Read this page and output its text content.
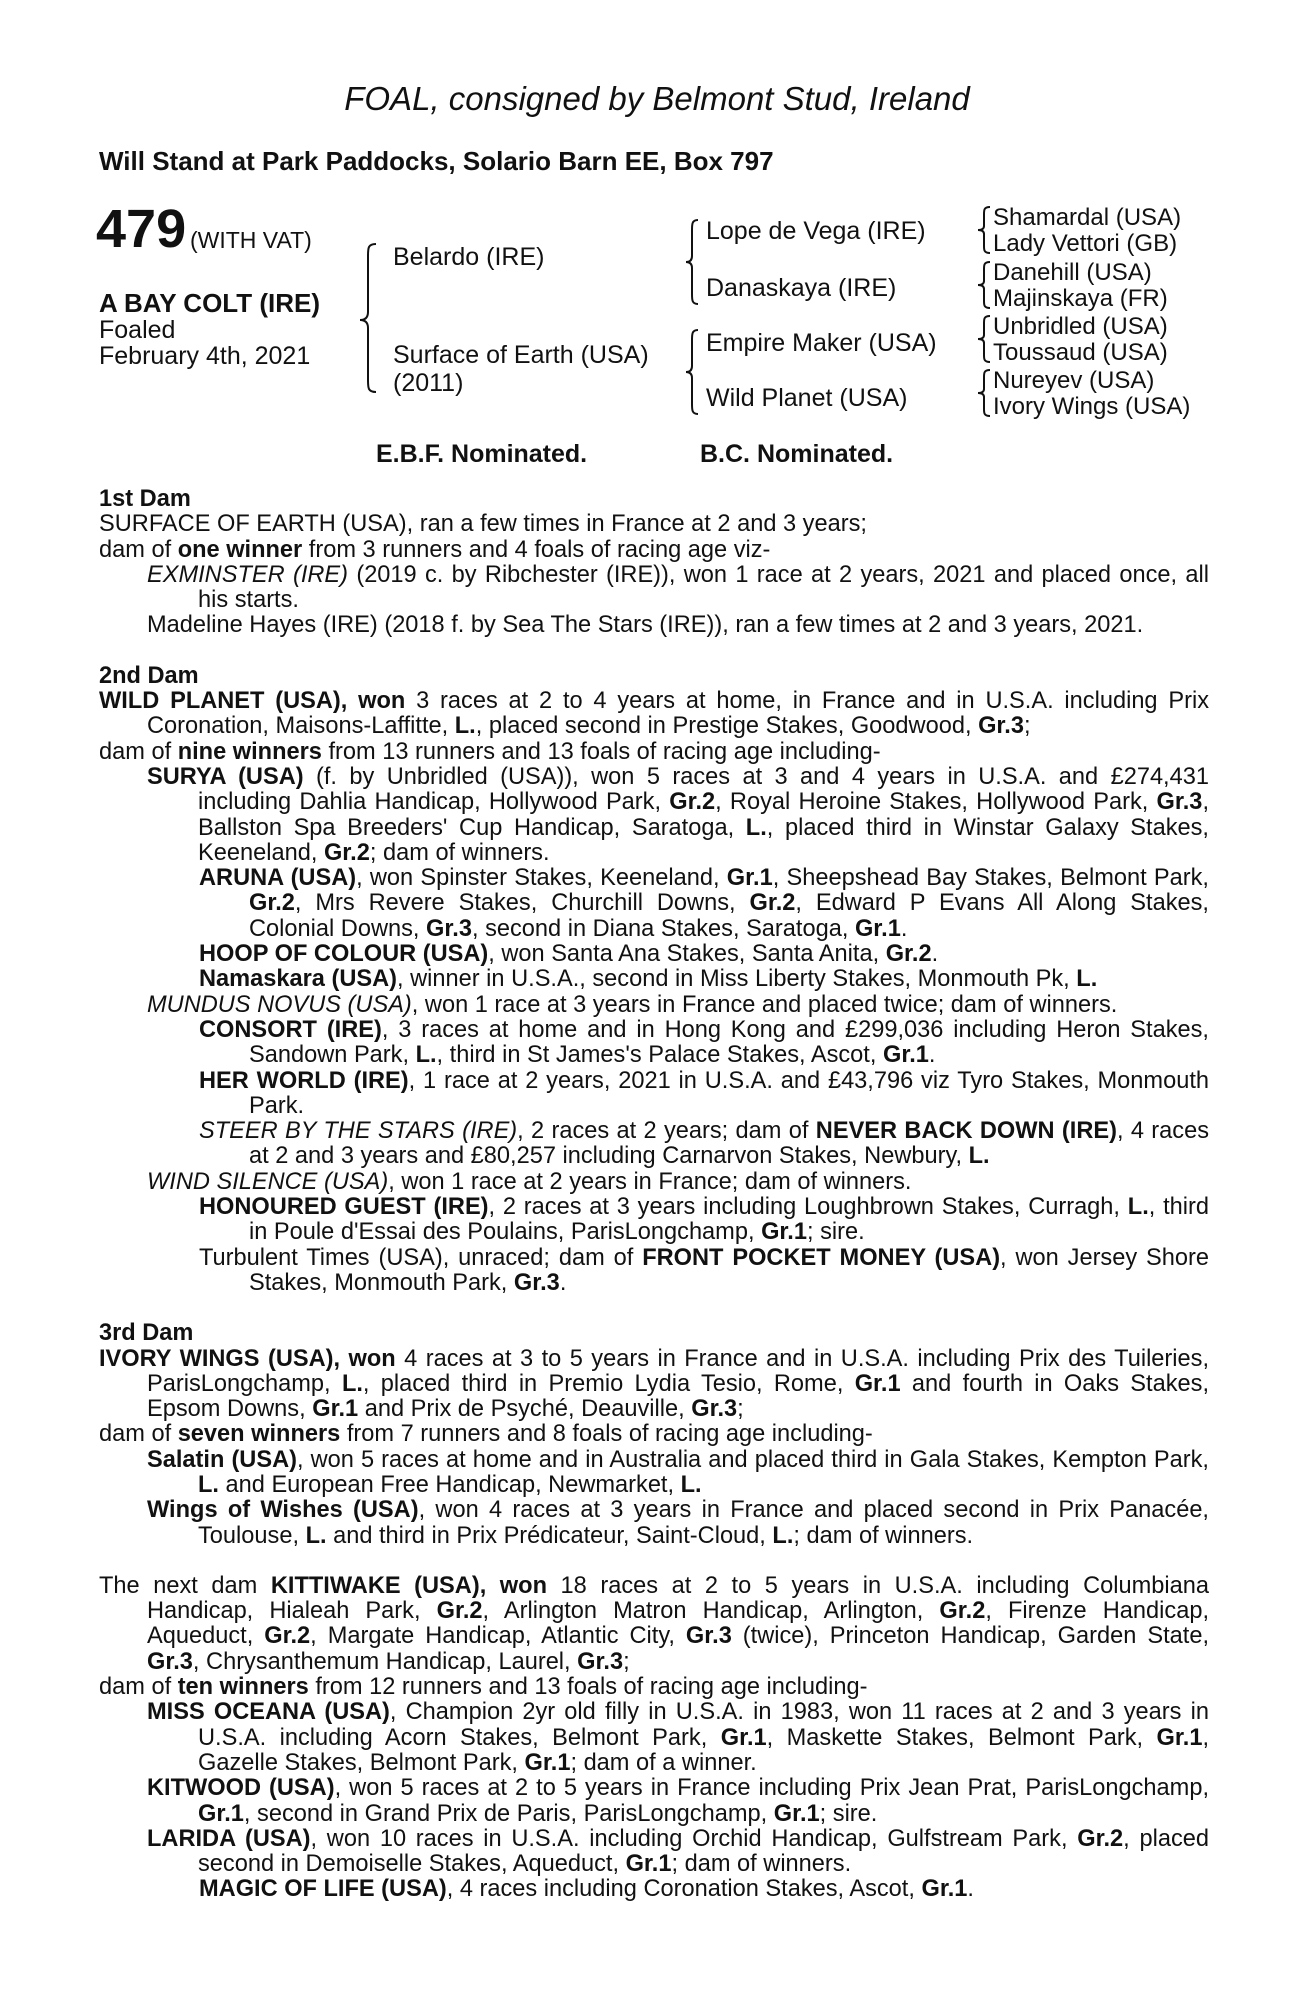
FOAL, consigned by Belmont Stud, Ireland
Will Stand at Park Paddocks, Solario Barn EE, Box 797
479 (WITH VAT)
A BAY COLT (IRE)
Foaled
February 4th, 2021
Belardo (IRE)
Surface of Earth (USA)
(2011)
Lope de Vega (IRE)
Danaskaya (IRE)
Empire Maker (USA)
Wild Planet (USA)
Shamardal (USA)
Lady Vettori (GB)
Danehill (USA)
Majinskaya (FR)
Unbridled (USA)
Toussaud (USA)
Nureyev (USA)
Ivory Wings (USA)
E.B.F. Nominated.	B.C. Nominated.

1st Dam

SURFACE OF EARTH (USA), ran a few times in France at 2 and 3 years;

dam of one winner from 3 runners and 4 foals of racing age viz-

EXMINSTER (IRE) (2019 c. by Ribchester (IRE)), won 1 race at 2 years, 2021 and placed once, all his starts.

Madeline Hayes (IRE) (2018 f. by Sea The Stars (IRE)), ran a few times at 2 and 3 years, 2021.

2nd Dam

WILD PLANET (USA), won 3 races at 2 to 4 years at home, in France and in U.S.A. including Prix Coronation, Maisons-Laffitte, L., placed second in Prestige Stakes, Goodwood, Gr.3;

dam of nine winners from 13 runners and 13 foals of racing age including-

SURYA (USA) (f. by Unbridled (USA)), won 5 races at 3 and 4 years in U.S.A. and £274,431 including Dahlia Handicap, Hollywood Park, Gr.2, Royal Heroine Stakes, Hollywood Park, Gr.3, Ballston Spa Breeders' Cup Handicap, Saratoga, L., placed third in Winstar Galaxy Stakes, Keeneland, Gr.2; dam of winners.

ARUNA (USA), won Spinster Stakes, Keeneland, Gr.1, Sheepshead Bay Stakes, Belmont Park, Gr.2, Mrs Revere Stakes, Churchill Downs, Gr.2, Edward P Evans All Along Stakes, Colonial Downs, Gr.3, second in Diana Stakes, Saratoga, Gr.1.

HOOP OF COLOUR (USA), won Santa Ana Stakes, Santa Anita, Gr.2.

Namaskara (USA), winner in U.S.A., second in Miss Liberty Stakes, Monmouth Pk, L.

MUNDUS NOVUS (USA), won 1 race at 3 years in France and placed twice; dam of winners.

CONSORT (IRE), 3 races at home and in Hong Kong and £299,036 including Heron Stakes, Sandown Park, L., third in St James's Palace Stakes, Ascot, Gr.1.

HER WORLD (IRE), 1 race at 2 years, 2021 in U.S.A. and £43,796 viz Tyro Stakes, Monmouth Park.

STEER BY THE STARS (IRE), 2 races at 2 years; dam of NEVER BACK DOWN (IRE), 4 races at 2 and 3 years and £80,257 including Carnarvon Stakes, Newbury, L.

WIND SILENCE (USA), won 1 race at 2 years in France; dam of winners.

HONOURED GUEST (IRE), 2 races at 3 years including Loughbrown Stakes, Curragh, L., third in Poule d'Essai des Poulains, ParisLongchamp, Gr.1; sire.

Turbulent Times (USA), unraced; dam of FRONT POCKET MONEY (USA), won Jersey Shore Stakes, Monmouth Park, Gr.3.

3rd Dam

IVORY WINGS (USA), won 4 races at 3 to 5 years in France and in U.S.A. including Prix des Tuileries, ParisLongchamp, L., placed third in Premio Lydia Tesio, Rome, Gr.1 and fourth in Oaks Stakes, Epsom Downs, Gr.1 and Prix de Psyché, Deauville, Gr.3;

dam of seven winners from 7 runners and 8 foals of racing age including-

Salatin (USA), won 5 races at home and in Australia and placed third in Gala Stakes, Kempton Park, L. and European Free Handicap, Newmarket, L.

Wings of Wishes (USA), won 4 races at 3 years in France and placed second in Prix Panacée, Toulouse, L. and third in Prix Prédicateur, Saint-Cloud, L.; dam of winners.

The next dam KITTIWAKE (USA), won 18 races at 2 to 5 years in U.S.A. including Columbiana Handicap, Hialeah Park, Gr.2, Arlington Matron Handicap, Arlington, Gr.2, Firenze Handicap, Aqueduct, Gr.2, Margate Handicap, Atlantic City, Gr.3 (twice), Princeton Handicap, Garden State, Gr.3, Chrysanthemum Handicap, Laurel, Gr.3;

dam of ten winners from 12 runners and 13 foals of racing age including-

MISS OCEANA (USA), Champion 2yr old filly in U.S.A. in 1983, won 11 races at 2 and 3 years in U.S.A. including Acorn Stakes, Belmont Park, Gr.1, Maskette Stakes, Belmont Park, Gr.1, Gazelle Stakes, Belmont Park, Gr.1; dam of a winner.

KITWOOD (USA), won 5 races at 2 to 5 years in France including Prix Jean Prat, ParisLongchamp, Gr.1, second in Grand Prix de Paris, ParisLongchamp, Gr.1; sire.

LARIDA (USA), won 10 races in U.S.A. including Orchid Handicap, Gulfstream Park, Gr.2, placed second in Demoiselle Stakes, Aqueduct, Gr.1; dam of winners.

MAGIC OF LIFE (USA), 4 races including Coronation Stakes, Ascot, Gr.1.
